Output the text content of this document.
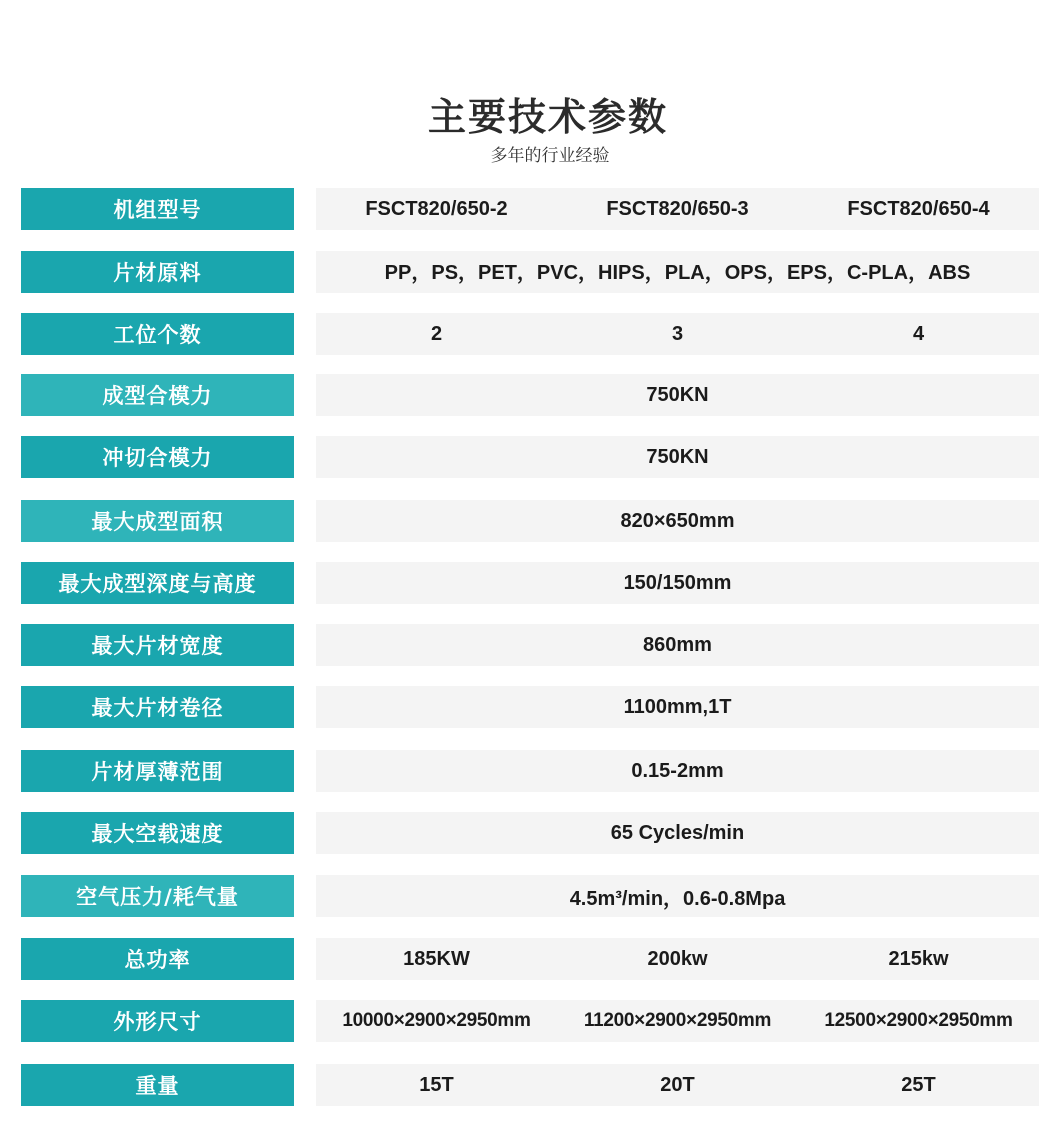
主要技术参数
多年的行业经验
机组型号	FSCT820/650-2	FSCT820/650-3	FSCT820/650-4
片材原料	PP，PS，PET，PVC，HIPS，PLA，OPS，EPS，C-PLA，ABS
工位个数	2	3	4
成型合模力	750KN
冲切合模力	750KN
最大成型面积	820×650mm
最大成型深度与高度	150/150mm
最大片材宽度	860mm
最大片材卷径	1100mm,1T
片材厚薄范围	0.15-2mm
最大空载速度	65 Cycles/min
空气压力/耗气量	4.5m³/min，0.6-0.8Mpa
总功率	185KW	200kw	215kw
外形尺寸	10000×2900×2950mm	11200×2900×2950mm	12500×2900×2950mm
重量	15T	20T	25T
